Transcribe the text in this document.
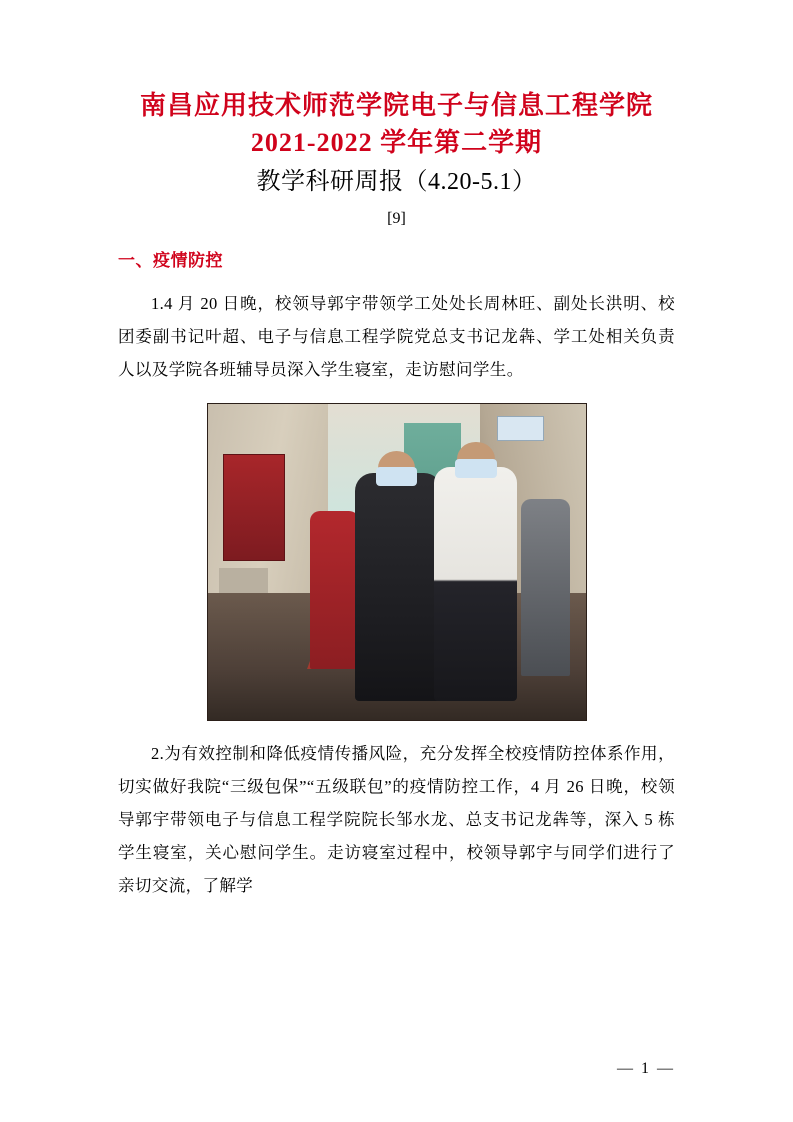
南昌应用技术师范学院电子与信息工程学院
2021-2022 学年第二学期
教学科研周报（4.20-5.1）
[9]
一、疫情防控

1.4 月 20 日晚，校领导郭宇带领学工处处长周林旺、副处长洪明、校团委副书记叶超、电子与信息工程学院党总支书记龙犇、学工处相关负责人以及学院各班辅导员深入学生寝室，走访慰问学生。

2.为有效控制和降低疫情传播风险，充分发挥全校疫情防控体系作用，切实做好我院“三级包保”“五级联包”的疫情防控工作，4 月 26 日晚，校领导郭宇带领电子与信息工程学院院长邹水龙、总支书记龙犇等，深入 5 栋学生寝室，关心慰问学生。走访寝室过程中，校领导郭宇与同学们进行了亲切交流，了解学

— 1 —
